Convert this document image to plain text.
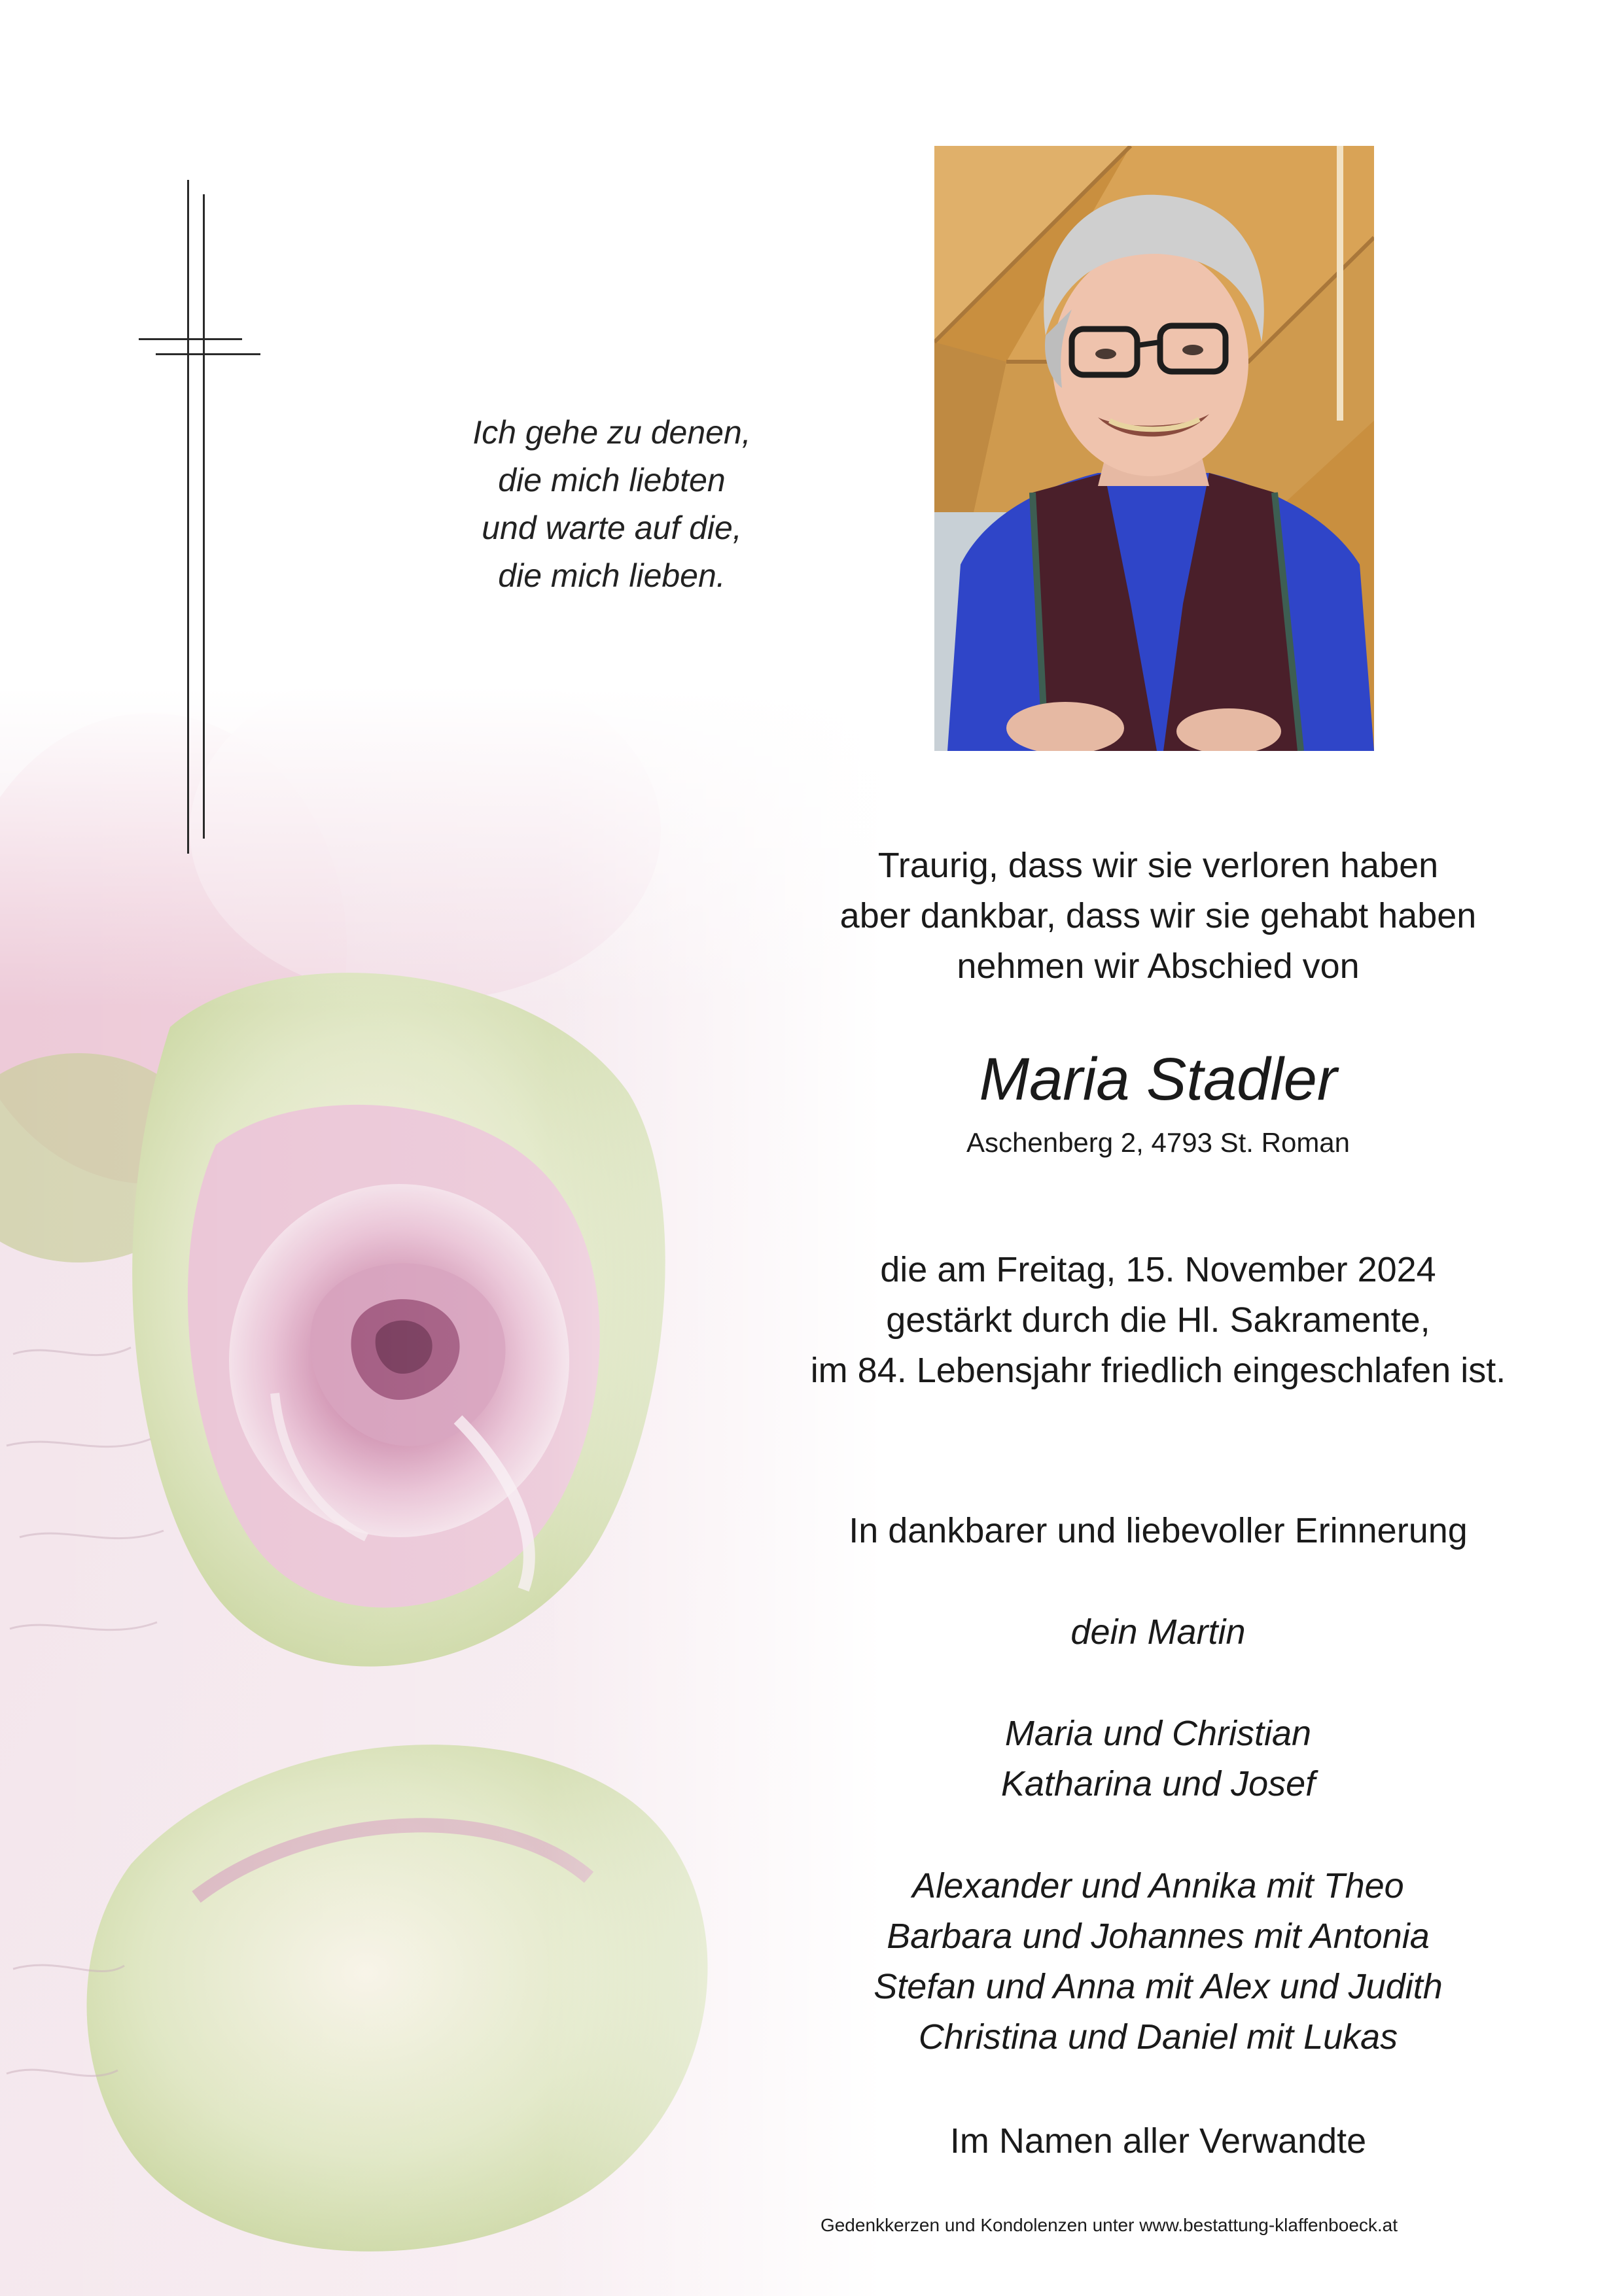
Ich gehe zu denen,
die mich liebten
und warte auf die,
die mich lieben.
Traurig, dass wir sie verloren haben
aber dankbar, dass wir sie gehabt haben
nehmen wir Abschied von
Maria Stadler
Aschenberg 2, 4793 St. Roman
die am Freitag, 15. November 2024
gestärkt durch die Hl. Sakramente,
im 84. Lebensjahr friedlich eingeschlafen ist.
In dankbarer und liebevoller Erinnerung
dein Martin
Maria und Christian
Katharina und Josef
Alexander und Annika mit Theo
Barbara und Johannes mit Antonia
Stefan und Anna mit Alex und Judith
Christina und Daniel mit Lukas
Im Namen aller Verwandte
Gedenkkerzen und Kondolenzen unter www.bestattung-klaffenboeck.at
